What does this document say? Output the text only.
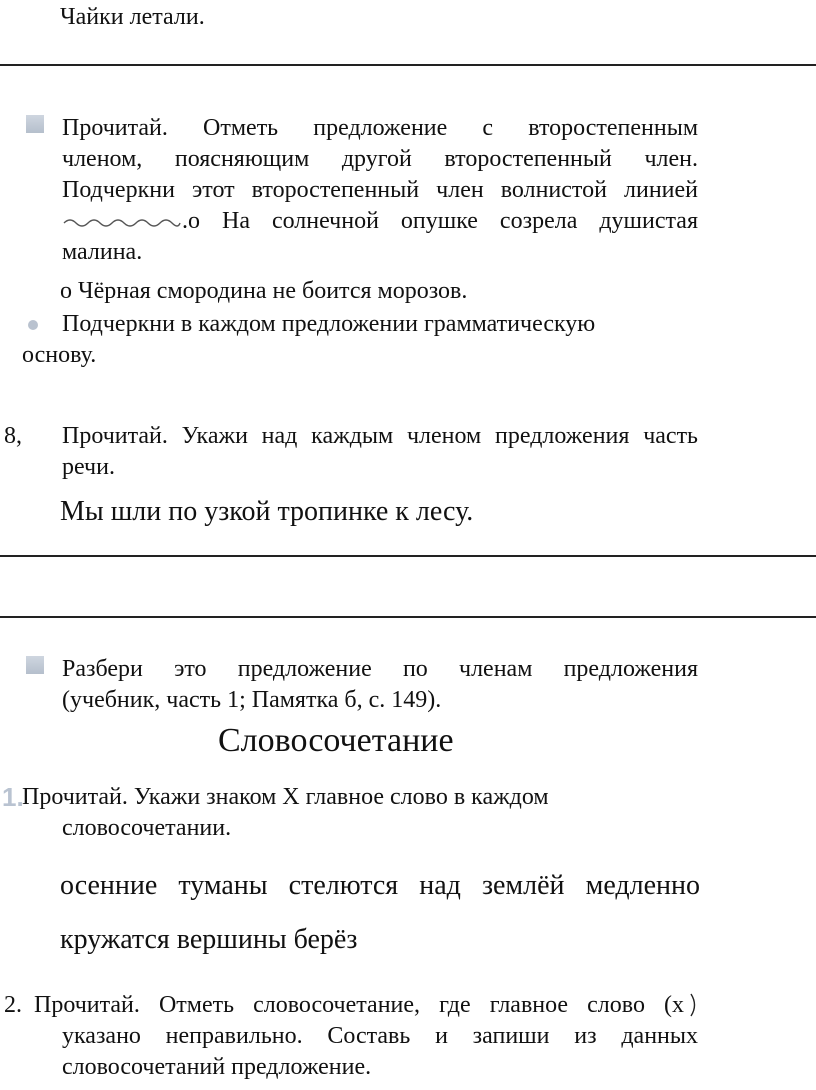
Чайки летали.
Прочитай. Отметь предложение с второстепенным
членом, поясняющим другой второстепенный член.
Подчеркни этот второстепенный член волнистой линией
.о На солнечной опушке созрела душистая
малина.
о Чёрная смородина не боится морозов.
Подчеркни в каждом предложении грамматическую
основу.
8, Прочитай. Укажи над каждым членом предложения часть
речи.
Мы шли по узкой тропинке к лесу.
Разбери это предложение по членам предложения
(учебник, часть 1; Памятка б, с. 149).
Словосочетание
1.
Прочитай. Укажи знаком Х главное слово в каждом
словосочетании.
осенние туманы стелются над землёй медленно
кружатся вершины берёз
2. Прочитай. Отметь словосочетание, где главное слово (х
указано неправильно. Составь и запиши из данных
словосочетаний предложение.
